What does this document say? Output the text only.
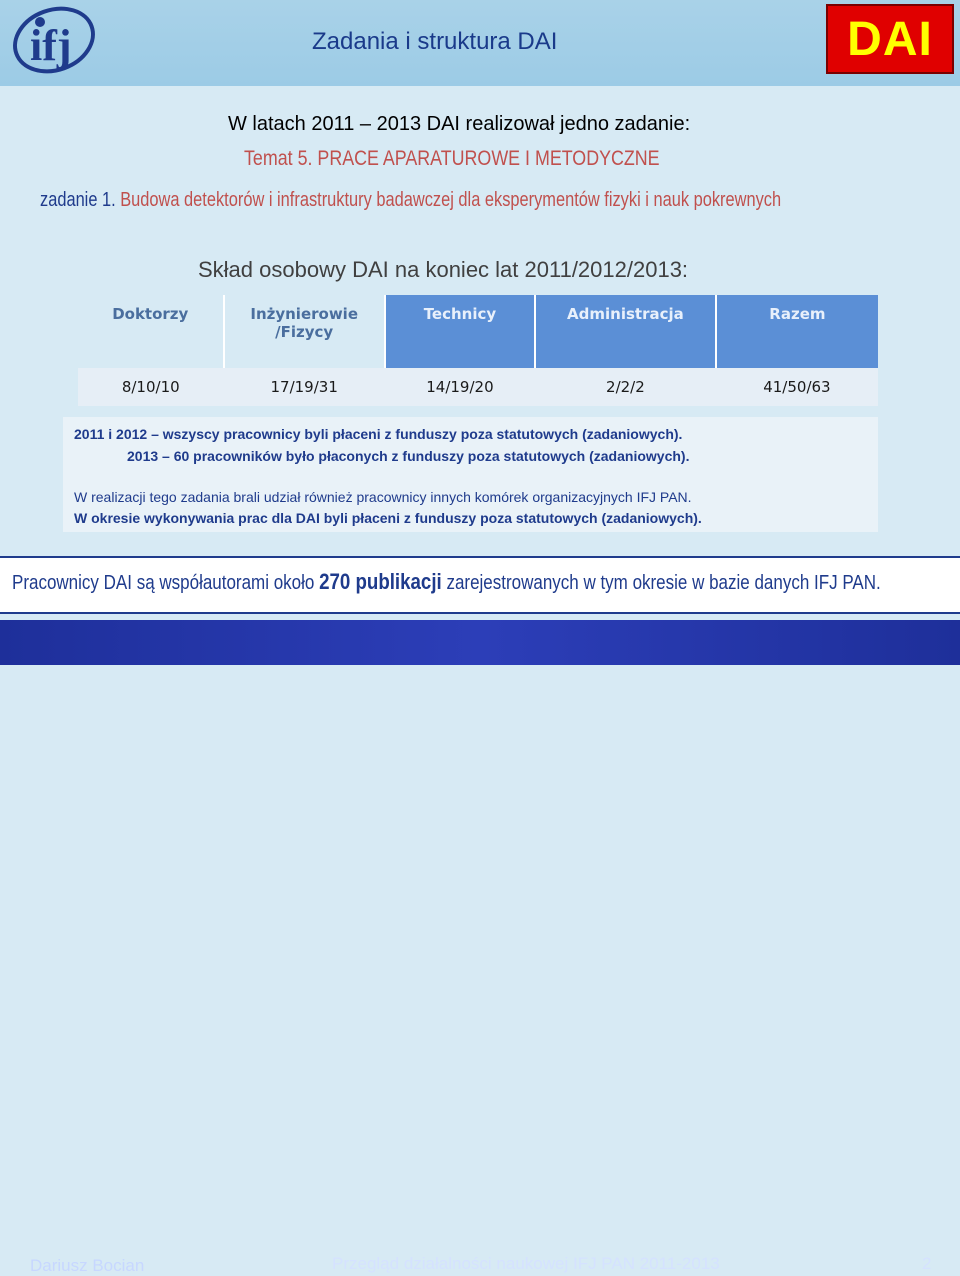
ifj	Zadania i struktura DAI	DAI
W latach 2011 – 2013 DAI realizował jedno zadanie:
Temat 5. PRACE APARATUROWE I METODYCZNE
zadanie 1. Budowa detektorów i infrastruktury badawczej dla eksperymentów fizyki i nauk pokrewnych
Skład osobowy DAI na koniec lat 2011/2012/2013:
Doktorzy	Inżynierowie /Fizycy	Technicy	Administracja	Razem
8/10/10	17/19/31	14/19/20	2/2/2	41/50/63

2011 i 2012 – wszyscy pracownicy byli płaceni z funduszy poza statutowych (zadaniowych).

2013 – 60 pracowników było płaconych z funduszy poza statutowych (zadaniowych).

W realizacji tego zadania brali udział również pracownicy innych komórek organizacyjnych IFJ PAN.

W okresie wykonywania prac dla DAI byli płaceni z funduszy poza statutowych (zadaniowych).

Pracownicy DAI są współautorami około 270 publikacji zarejestrowanych w tym okresie w bazie danych IFJ PAN.
Dariusz Bocian	Przegląd działalności naukowej IFJ PAN 2011-2013	2
